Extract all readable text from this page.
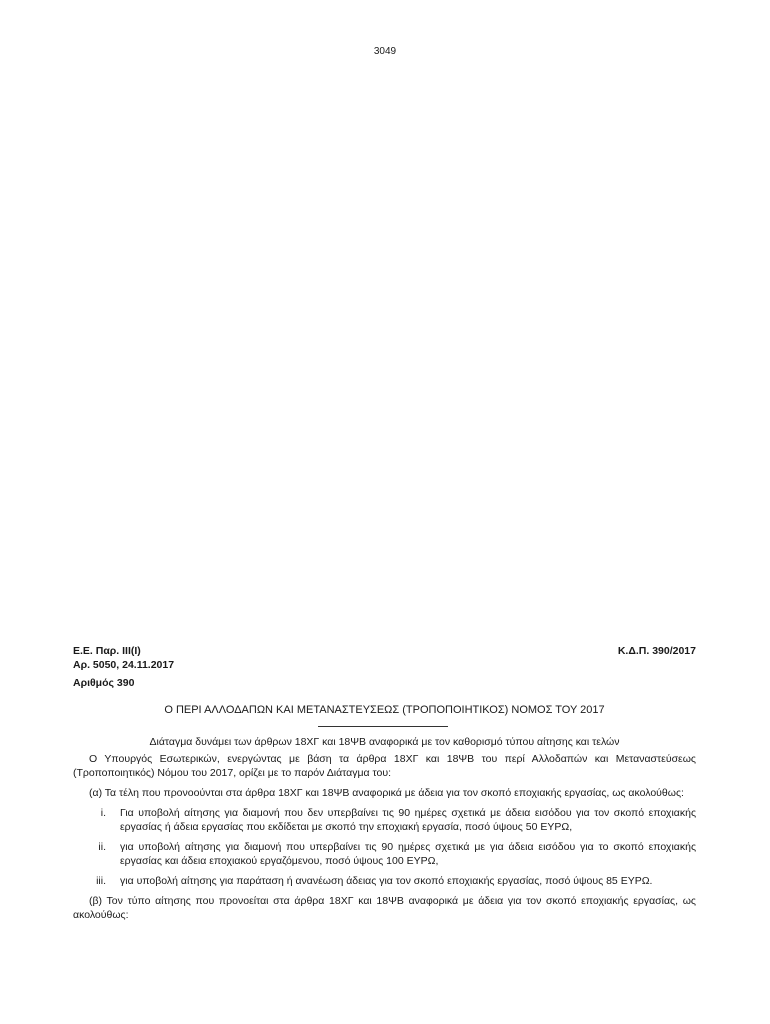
3049
Ε.Ε. Παρ. ΙΙΙ(Ι)	Κ.Δ.Π. 390/2017
Αρ. 5050, 24.11.2017
Αριθμός 390
Ο ΠΕΡΙ ΑΛΛΟΔΑΠΩΝ ΚΑΙ ΜΕΤΑΝΑΣΤΕΥΣΕΩΣ (ΤΡΟΠΟΠΟΙΗΤΙΚΟΣ) ΝΟΜΟΣ ΤΟΥ 2017
Διάταγμα δυνάμει των άρθρων 18ΧΓ και 18ΨΒ αναφορικά με τον καθορισμό τύπου αίτησης και τελών

Ο Υπουργός Εσωτερικών, ενεργώντας με βάση τα άρθρα 18ΧΓ και 18ΨΒ του περί Αλλοδαπών και Μεταναστεύσεως (Τροποποιητικός) Νόμου του 2017, ορίζει με το παρόν Διάταγμα του:

(α) Τα τέλη που προνοούνται στα άρθρα 18ΧΓ και 18ΨΒ αναφορικά με άδεια για τον σκοπό εποχιακής εργασίας, ως ακολούθως:

i.	Για υποβολή αίτησης για διαμονή που δεν υπερβαίνει τις 90 ημέρες σχετικά με άδεια εισόδου για τον σκοπό εποχιακής εργασίας ή άδεια εργασίας που εκδίδεται με σκοπό την εποχιακή εργασία, ποσό ύψους 50 ΕΥΡΩ,
ii.	για υποβολή αίτησης για διαμονή που υπερβαίνει τις 90 ημέρες σχετικά με για άδεια εισόδου για το σκοπό εποχιακής εργασίας και άδεια εποχιακού εργαζόμενου, ποσό ύψους 100 ΕΥΡΩ,
iii.	για υποβολή αίτησης για παράταση ή ανανέωση άδειας για τον σκοπό εποχιακής εργασίας, ποσό ύψους 85 ΕΥΡΩ.

(β) Τον τύπο αίτησης που προνοείται στα άρθρα 18ΧΓ και 18ΨΒ αναφορικά με άδεια για τον σκοπό εποχιακής εργασίας, ως ακολούθως:
